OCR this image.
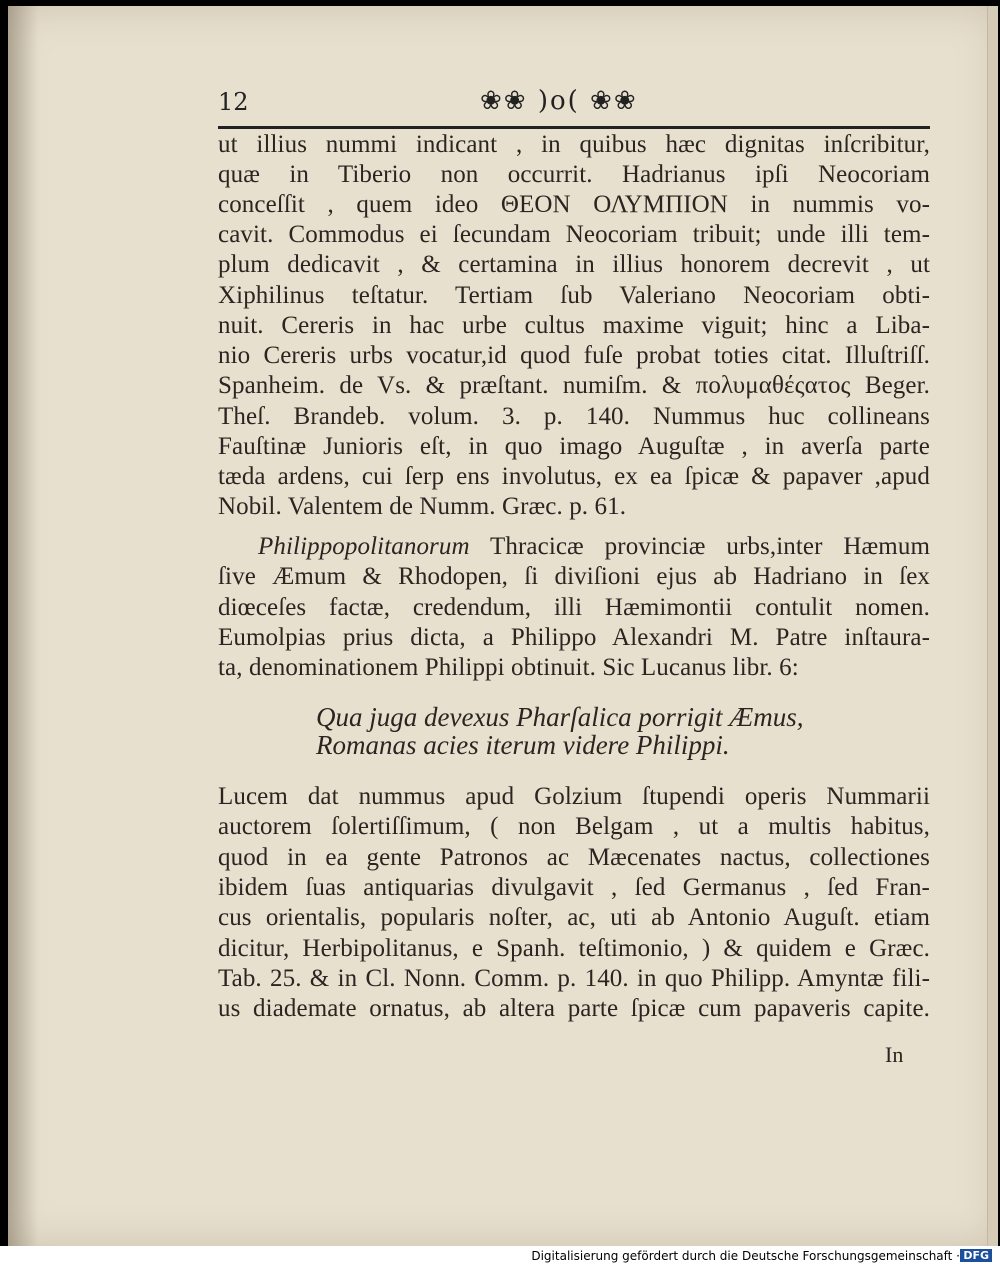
12	❀❀ )o( ❀❀
ut illius nummi indicant , in quibus hæc dignitas inſcribitur,
quæ in Tiberio non occurrit. Hadrianus ipſi Neocoriam
conceſſit , quem ideo ΘΕΟΝ ΟΛΥΜΠΙΟΝ in nummis vo-
cavit. Commodus ei ſecundam Neocoriam tribuit; unde illi tem-
plum dedicavit , & certamina in illius honorem decrevit , ut
Xiphilinus teſtatur. Tertiam ſub Valeriano Neocoriam obti-
nuit. Cereris in hac urbe cultus maxime viguit; hinc a Liba-
nio Cereris urbs vocatur,id quod fuſe probat toties citat. Illuſtriſſ.
Spanheim. de Vs. & præſtant. numiſm. & πολυμαθέςατος Beger.
Theſ. Brandeb. volum. 3. p. 140. Nummus huc collineans
Fauſtinæ Junioris eſt, in quo imago Auguſtæ , in averſa parte
tæda ardens, cui ſerp ens involutus, ex ea ſpicæ & papaver ,apud
Nobil. Valentem de Numm. Græc. p. 61.
Philippopolitanorum Thracicæ provinciæ urbs,inter Hæmum
ſive Æmum & Rhodopen, ſi diviſioni ejus ab Hadriano in ſex
diœceſes factæ, credendum, illi Hæmimontii contulit nomen.
Eumolpias prius dicta, a Philippo Alexandri M. Patre inſtaura-
ta, denominationem Philippi obtinuit. Sic Lucanus libr. 6:
Qua juga devexus Pharſalica porrigit Æmus,
Romanas acies iterum videre Philippi.
Lucem dat nummus apud Golzium ſtupendi operis Nummarii
auctorem ſolertiſſimum, ( non Belgam , ut a multis habitus,
quod in ea gente Patronos ac Mæcenates nactus, collectiones
ibidem ſuas antiquarias divulgavit , ſed Germanus , ſed Fran-
cus orientalis, popularis noſter, ac, uti ab Antonio Auguſt. etiam
dicitur, Herbipolitanus, e Spanh. teſtimonio, ) & quidem e Græc.
Tab. 25. & in Cl. Nonn. Comm. p. 140. in quo Philipp. Amyntæ fili-
us diademate ornatus, ab altera parte ſpicæ cum papaveris capite.
In
Digitalisierung gefördert durch die Deutsche Forschungsgemeinschaft · DFG
